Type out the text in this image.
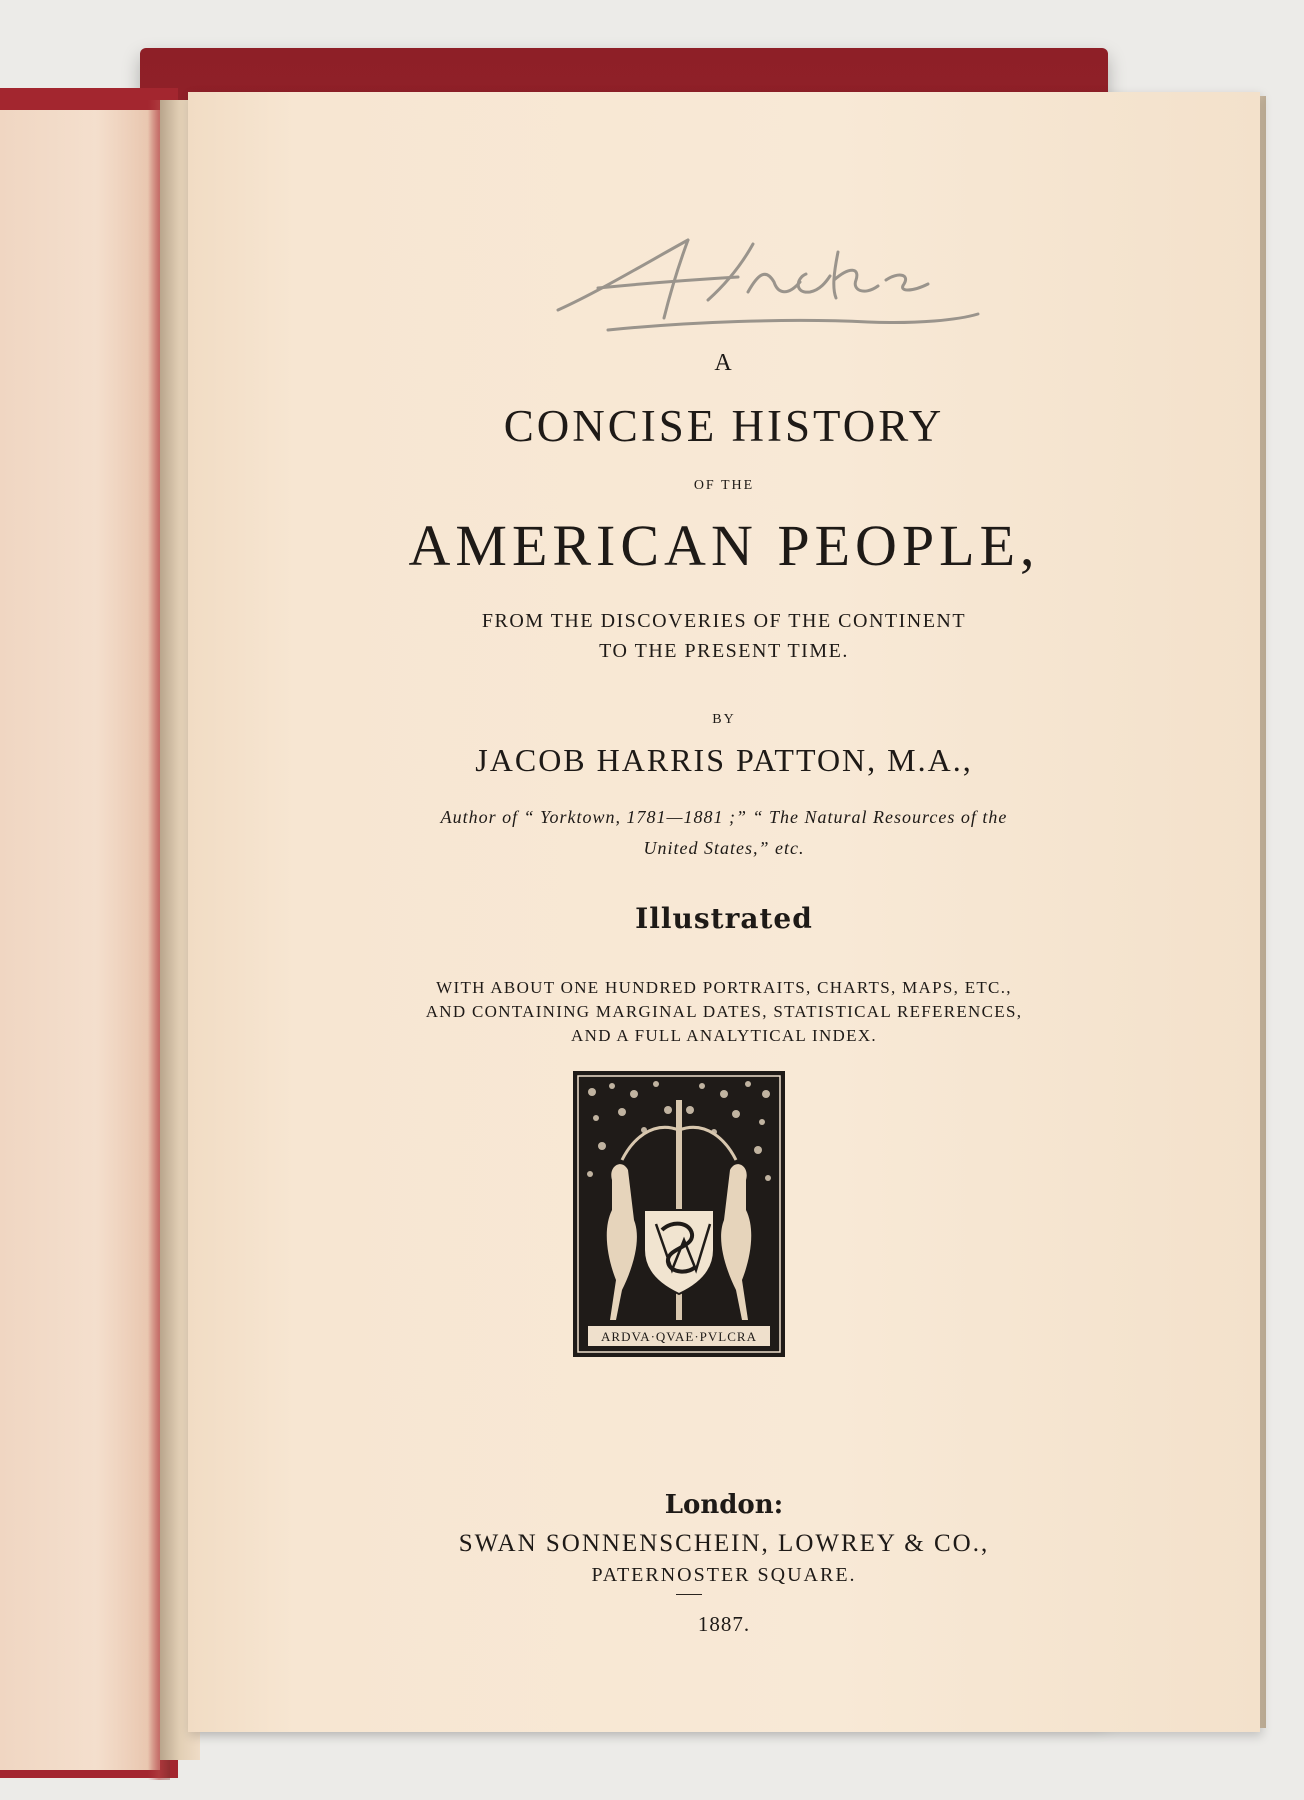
A
CONCISE HISTORY
OF THE
AMERICAN PEOPLE,
FROM THE DISCOVERIES OF THE CONTINENT
TO THE PRESENT TIME.
BY
JACOB HARRIS PATTON, M.A.,
Author of “ Yorktown, 1781—1881 ;” “ The Natural Resources of the
United States,” etc.
Illustrated
WITH ABOUT ONE HUNDRED PORTRAITS, CHARTS, MAPS, ETC.,
AND CONTAINING MARGINAL DATES, STATISTICAL REFERENCES,
AND A FULL ANALYTICAL INDEX.
ARDVA·QVAE·PVLCRA
London:
SWAN SONNENSCHEIN, LOWREY & CO.,
PATERNOSTER SQUARE.
1887.
